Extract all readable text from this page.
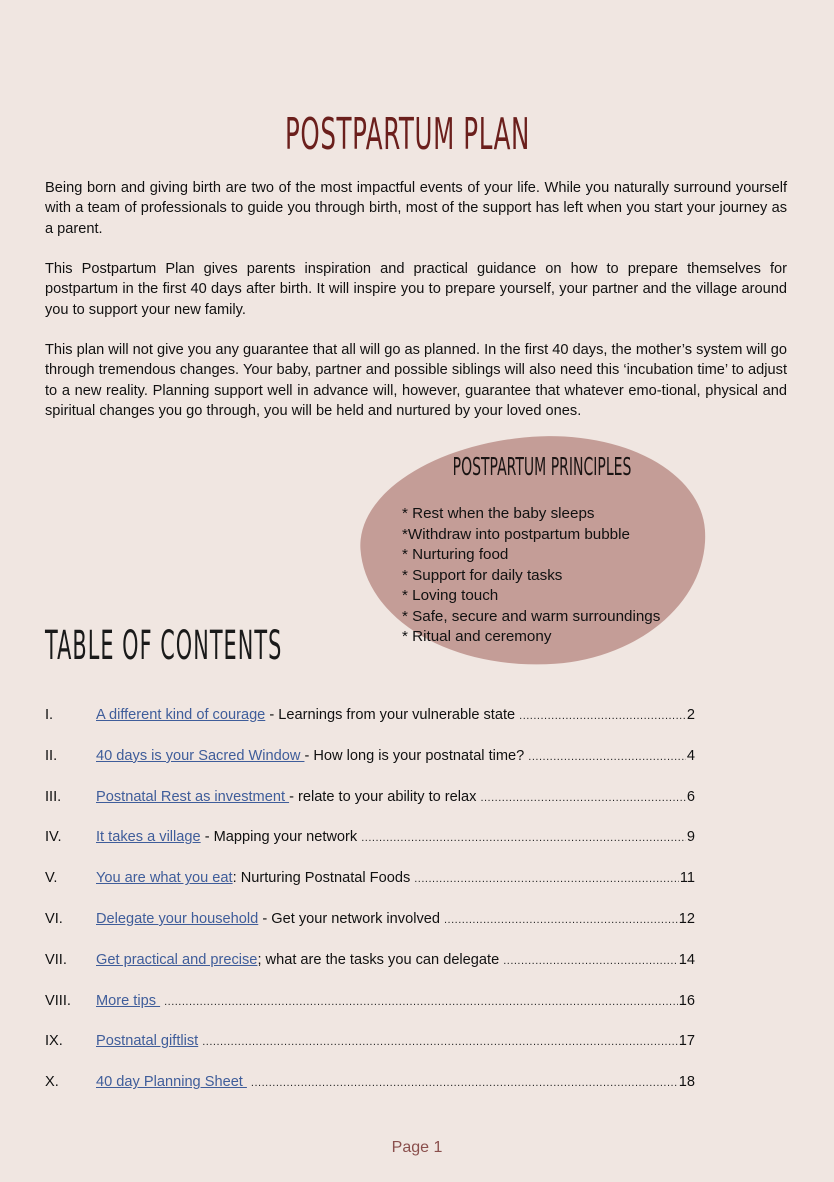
POSTPARTUM PLAN

Being born and giving birth are two of the most impactful events of your life. While you naturally surround yourself with a team of professionals to guide you through birth, most of the support has left when you start your journey as a parent.

This Postpartum Plan gives parents inspiration and practical guidance on how to prepare themselves for postpartum in the first 40 days after birth. It will inspire you to prepare yourself, your partner and the village around you to support your new family.

This plan will not give you any guarantee that all will go as planned. In the first 40 days, the mother’s system will go through tremendous changes. Your baby, partner and possible siblings will also need this ‘incubation time’ to adjust to a new reality. Planning support well in advance will, however, guarantee that whatever emo-tional, physical and spiritual changes you go through, you will be held and nurtured by your loved ones.

POSTPARTUM PRINCIPLES
* Rest when the baby sleeps
*Withdraw into postpartum bubble
* Nurturing food
* Support for daily tasks
* Loving touch
* Safe, secure and warm surroundings
* Ritual and ceremony
TABLE OF CONTENTS
I.	A different kind of courage - Learnings from your vulnerable state .....	2
II.	40 days is your Sacred Window - How long is your postnatal time? .....	4
III.	Postnatal Rest as investment - relate to your ability to relax .....	6
IV.	It takes a village - Mapping your network .....	9
V.	You are what you eat : Nurturing Postnatal Foods .....	11
VI.	Delegate your household - Get your network involved .....	12
VII.	Get practical and precise ; what are the tasks you can delegate .....	14
VIII.	More tips .....	16
IX.	Postnatal giftlist .....	17
X.	40 day Planning Sheet .....	18
Page 1
